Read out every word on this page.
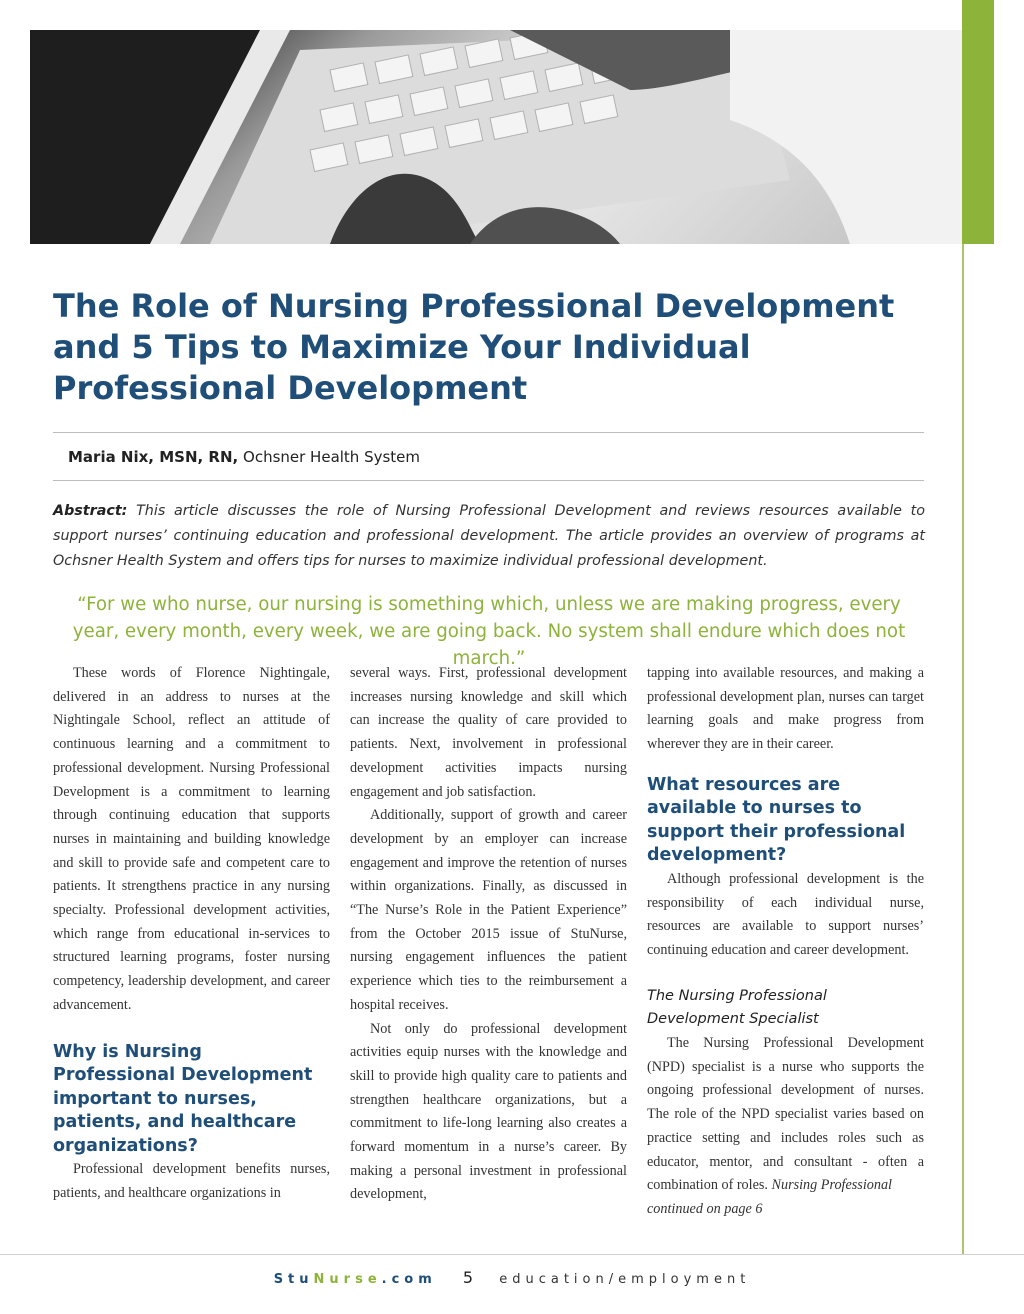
The Role of Nursing Professional Development
and 5 Tips to Maximize Your Individual
Professional Development
Maria Nix, MSN, RN, Ochsner Health System

Abstract: This article discusses the role of Nursing Professional Development and reviews resources available to support nurses’ continuing education and professional development. The article provides an overview of programs at Ochsner Health System and offers tips for nurses to maximize individual professional development.

“For we who nurse, our nursing is something which, unless we are making progress, every year, every month, every week, we are going back. No system shall endure which does not march.”

These words of Florence Nightingale, delivered in an address to nurses at the Nightingale School, reflect an attitude of continuous learning and a commitment to professional development. Nursing Professional Development is a commitment to learning through continuing education that supports nurses in maintaining and building knowledge and skill to provide safe and competent care to patients. It strengthens practice in any nursing specialty. Professional development activities, which range from educational in-services to structured learning programs, foster nursing competency, leadership development, and career advancement.

Why is Nursing Professional Development important to nurses, patients, and healthcare organizations?

Professional development benefits nurses, patients, and healthcare organizations in

several ways. First, professional development increases nursing knowledge and skill which can increase the quality of care provided to patients. Next, involvement in professional development activities impacts nursing engagement and job satisfaction.

Additionally, support of growth and career development by an employer can increase engagement and improve the retention of nurses within organizations. Finally, as discussed in “The Nurse’s Role in the Patient Experience” from the October 2015 issue of StuNurse, nursing engagement influences the patient experience which ties to the reimbursement a hospital receives.

Not only do professional development activities equip nurses with the knowledge and skill to provide high quality care to patients and strengthen healthcare organizations, but a commitment to life-long learning also creates a forward momentum in a nurse’s career. By making a personal investment in professional development,

tapping into available resources, and making a professional development plan, nurses can target learning goals and make progress from wherever they are in their career.

What resources are available to nurses to support their professional development?

Although professional development is the responsibility of each individual nurse, resources are available to support nurses’ continuing education and career development.

The Nursing Professional Development Specialist

The Nursing Professional Development (NPD) specialist is a nurse who supports the ongoing professional development of nurses. The role of the NPD specialist varies based on practice setting and includes roles such as educator, mentor, and consultant - often a combination of roles. Nursing Professional

continued on page 6

StuNurse.com 5 education/employment
